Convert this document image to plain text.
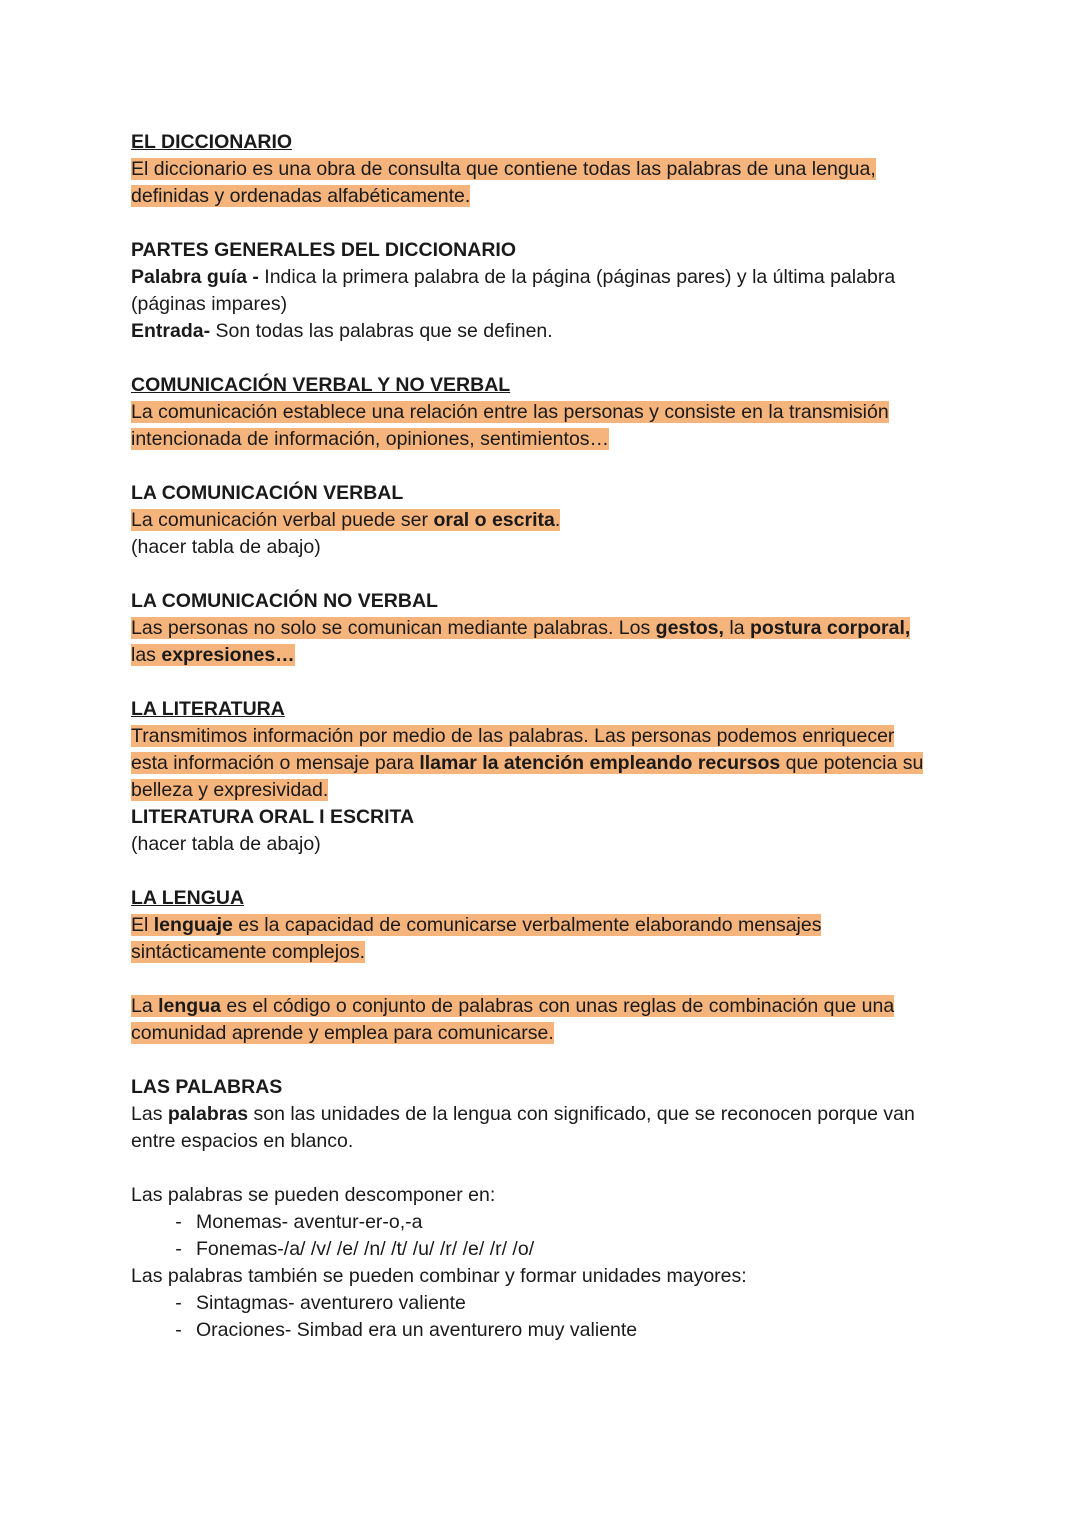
EL DICCIONARIO
El diccionario es una obra de consulta que contiene todas las palabras de una lengua,
definidas y ordenadas alfabéticamente.
PARTES GENERALES DEL DICCIONARIO
Palabra guía - Indica la primera palabra de la página (páginas pares) y la última palabra
(páginas impares)
Entrada- Son todas las palabras que se definen.
COMUNICACIÓN VERBAL Y NO VERBAL
La comunicación establece una relación entre las personas y consiste en la transmisión
intencionada de información, opiniones, sentimientos…
LA COMUNICACIÓN VERBAL
La comunicación verbal puede ser oral o escrita.
(hacer tabla de abajo)
LA COMUNICACIÓN NO VERBAL
Las personas no solo se comunican mediante palabras. Los gestos, la postura corporal,
las expresiones…
LA LITERATURA
Transmitimos información por medio de las palabras. Las personas podemos enriquecer
esta información o mensaje para llamar la atención empleando recursos que potencia su
belleza y expresividad.
LITERATURA ORAL I ESCRITA
(hacer tabla de abajo)
LA LENGUA
El lenguaje es la capacidad de comunicarse verbalmente elaborando mensajes
sintácticamente complejos.
La lengua es el código o conjunto de palabras con unas reglas de combinación que una
comunidad aprende y emplea para comunicarse.
LAS PALABRAS
Las palabras son las unidades de la lengua con significado, que se reconocen porque van
entre espacios en blanco.
Las palabras se pueden descomponer en:
- Monemas- aventur-er-o,-a
- Fonemas-/a/ /v/ /e/ /n/ /t/ /u/ /r/ /e/ /r/ /o/
Las palabras también se pueden combinar y formar unidades mayores:
- Sintagmas- aventurero valiente
- Oraciones- Simbad era un aventurero muy valiente
